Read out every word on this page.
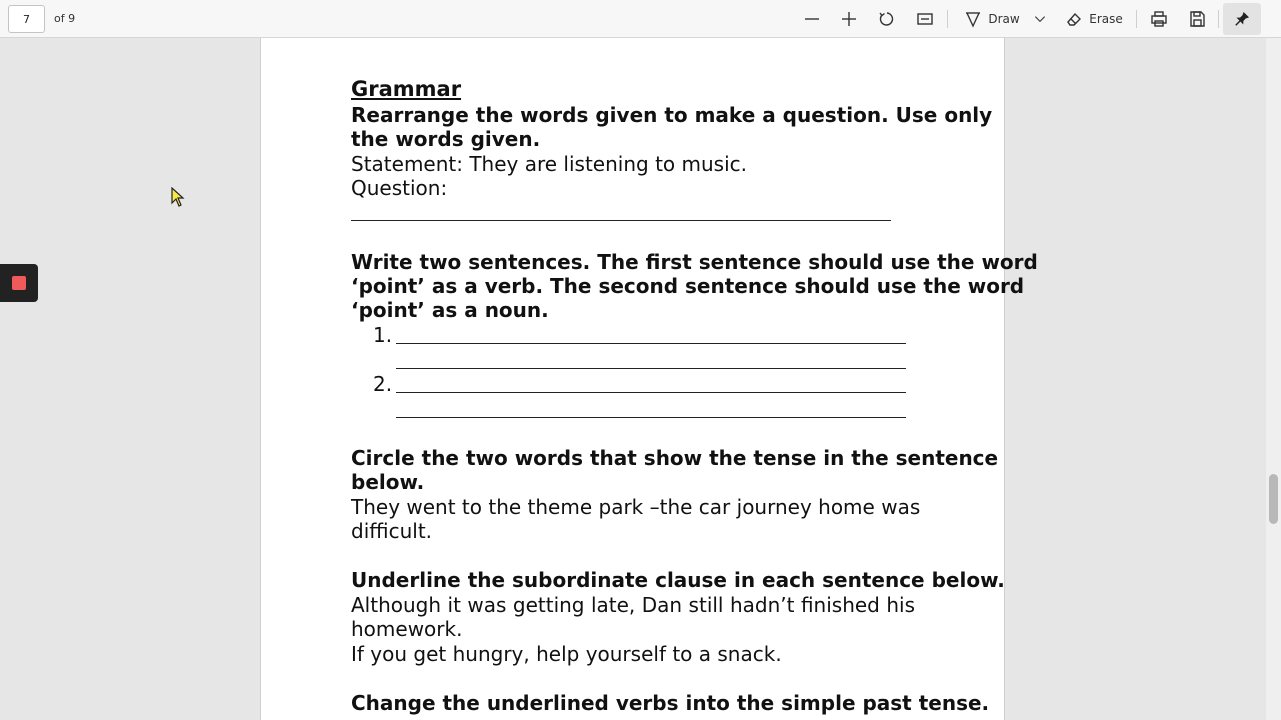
7
of 9	Draw	Erase
Grammar
Rearrange the words given to make a question. Use only
the words given.
Statement: They are listening to music.
Question:
Write two sentences. The first sentence should use the word
‘point’ as a verb. The second sentence should use the word
‘point’ as a noun.
1.
2.
Circle the two words that show the tense in the sentence
below.
They went to the theme park –the car journey home was
difficult.
Underline the subordinate clause in each sentence below.
Although it was getting late, Dan still hadn’t finished his
homework.
If you get hungry, help yourself to a snack.
Change the underlined verbs into the simple past tense.
